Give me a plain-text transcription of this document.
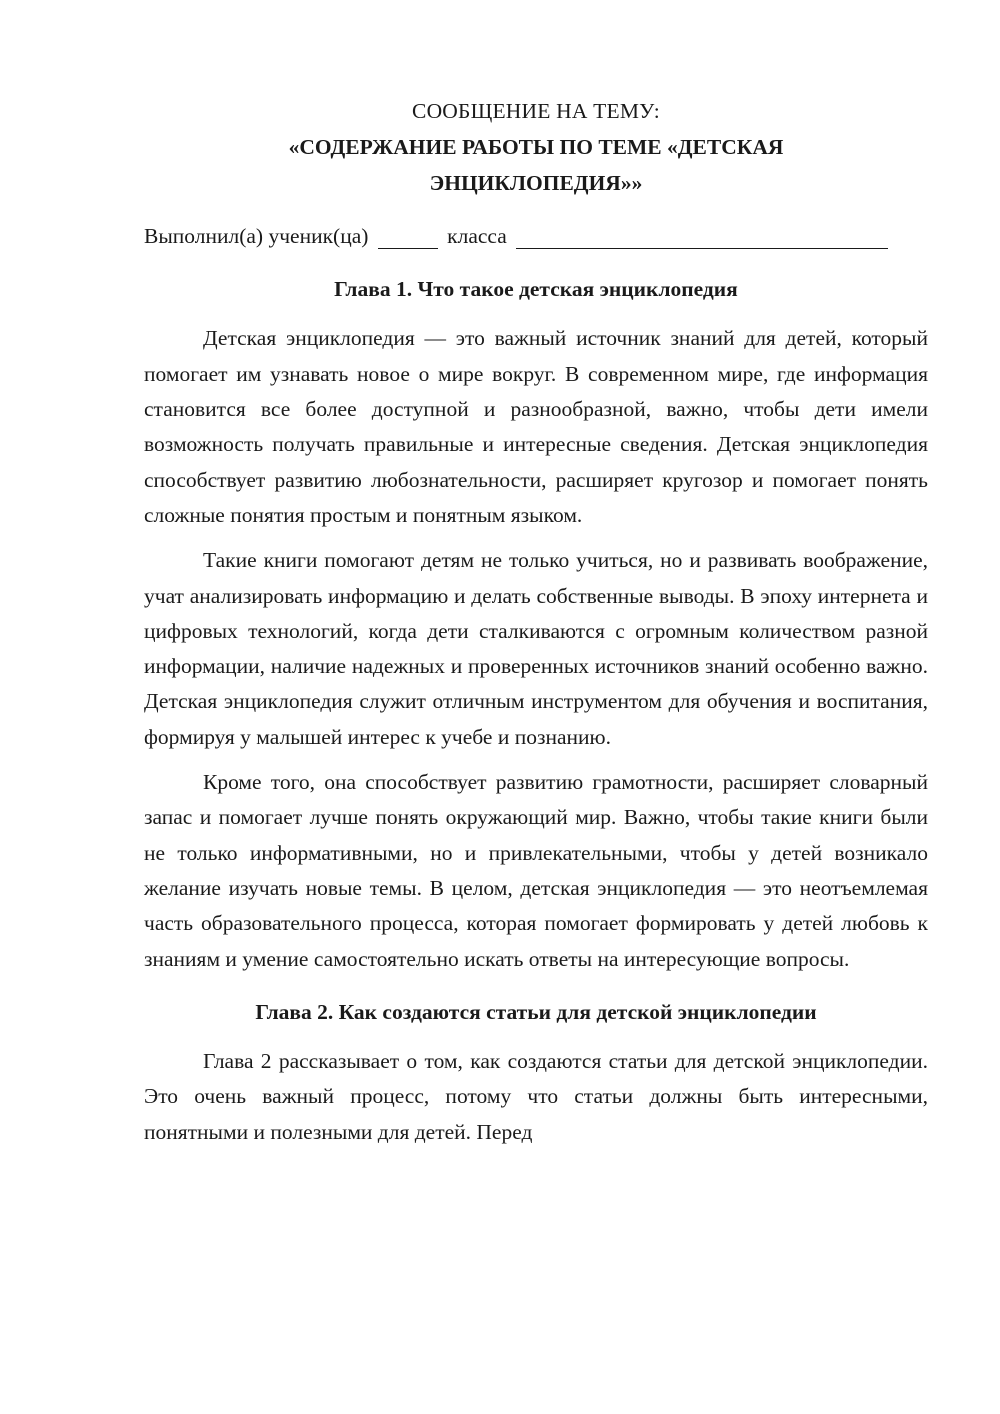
СООБЩЕНИЕ НА ТЕМУ:

«СОДЕРЖАНИЕ РАБОТЫ ПО ТЕМЕ «ДЕТСКАЯ
ЭНЦИКЛОПЕДИЯ»»

Выполнил(а) ученик(ца)	класса

Глава 1. Что такое детская энциклопедия

Детская энциклопедия — это важный источник знаний для детей, который помогает им узнавать новое о мире вокруг. В современном мире, где информация становится все более доступной и разнообразной, важно, чтобы дети имели возможность получать правильные и интересные сведения. Детская энциклопедия способствует развитию любознательности, расширяет кругозор и помогает понять сложные понятия простым и понятным языком.

Такие книги помогают детям не только учиться, но и развивать воображение, учат анализировать информацию и делать собственные выводы. В эпоху интернета и цифровых технологий, когда дети сталкиваются с огромным количеством разной информации, наличие надежных и проверенных источников знаний особенно важно. Детская энциклопедия служит отличным инструментом для обучения и воспитания, формируя у малышей интерес к учебе и познанию.

Кроме того, она способствует развитию грамотности, расширяет словарный запас и помогает лучше понять окружающий мир. Важно, чтобы такие книги были не только информативными, но и привлекательными, чтобы у детей возникало желание изучать новые темы. В целом, детская энциклопедия — это неотъемлемая часть образовательного процесса, которая помогает формировать у детей любовь к знаниям и умение самостоятельно искать ответы на интересующие вопросы.

Глава 2. Как создаются статьи для детской энциклопедии

Глава 2 рассказывает о том, как создаются статьи для детской энциклопедии. Это очень важный процесс, потому что статьи должны быть интересными, понятными и полезными для детей. Перед
